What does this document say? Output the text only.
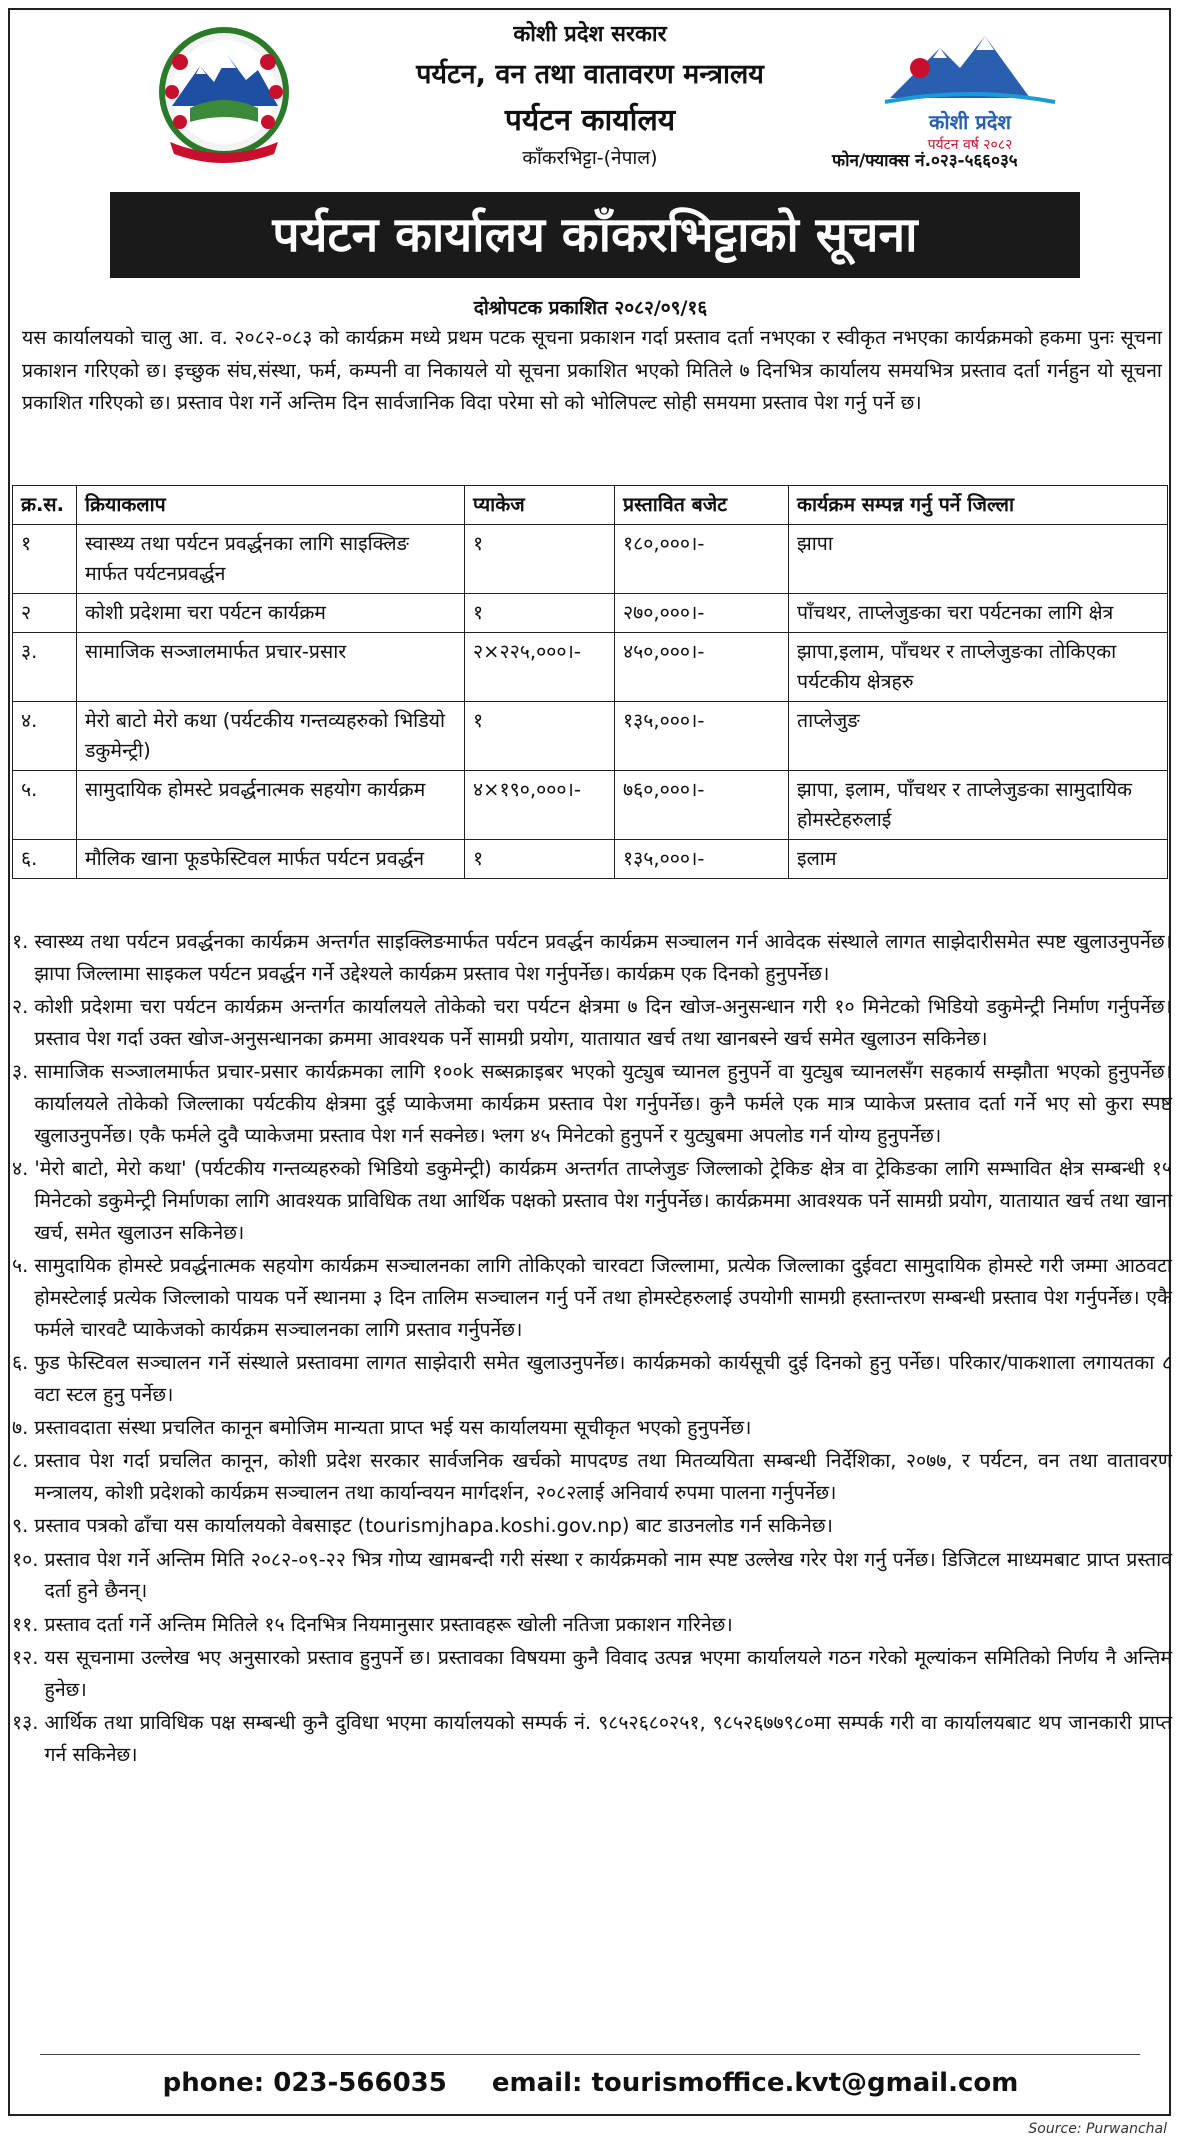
कोशी प्रदेश सरकार
पर्यटन, वन तथा वातावरण मन्त्रालय
पर्यटन कार्यालय
काँकरभिट्टा-(नेपाल)
कोशी प्रदेश
पर्यटन वर्ष २०८२
फोन/फ्याक्स नं.०२३-५६६०३५
पर्यटन कार्यालय काँकरभिट्टाको सूचना
दोश्रोपटक प्रकाशित २०८२/०९/१६
यस कार्यालयको चालु आ. व. २०८२-०८३ को कार्यक्रम मध्ये प्रथम पटक सूचना प्रकाशन गर्दा प्रस्ताव दर्ता नभएका र स्वीकृत नभएका कार्यक्रमको हकमा पुनः सूचना प्रकाशन गरिएको छ। इच्छुक संघ,संस्था, फर्म, कम्पनी वा निकायले यो सूचना प्रकाशित भएको मितिले ७ दिनभित्र कार्यालय समयभित्र प्रस्ताव दर्ता गर्नहुन यो सूचना प्रकाशित गरिएको छ। प्रस्ताव पेश गर्ने अन्तिम दिन सार्वजानिक विदा परेमा सो को भोलिपल्ट सोही समयमा प्रस्ताव पेश गर्नु पर्ने छ।
क्र.स.	क्रियाकलाप	प्याकेज	प्रस्तावित बजेट	कार्यक्रम सम्पन्न गर्नु पर्ने जिल्ला
१	स्वास्थ्य तथा पर्यटन प्रवर्द्धनका लागि साइक्लिङ मार्फत पर्यटनप्रवर्द्धन	१	१८०,०००।-	झापा
२	कोशी प्रदेशमा चरा पर्यटन कार्यक्रम	१	२७०,०००।-	पाँचथर, ताप्लेजुङका चरा पर्यटनका लागि क्षेत्र
३.	सामाजिक सञ्जालमार्फत प्रचार-प्रसार	२×२२५,०००।-	४५०,०००।-	झापा,इलाम, पाँचथर र ताप्लेजुङका तोकिएका पर्यटकीय क्षेत्रहरु
४.	मेरो बाटो मेरो कथा (पर्यटकीय गन्तव्यहरुको भिडियो डकुमेन्ट्री)	१	१३५,०००।-	ताप्लेजुङ
५.	सामुदायिक होमस्टे प्रवर्द्धनात्मक सहयोग कार्यक्रम	४×१९०,०००।-	७६०,०००।-	झापा, इलाम, पाँचथर र ताप्लेजुङका सामुदायिक होमस्टेहरुलाई
६.	मौलिक खाना फूडफेस्टिवल मार्फत पर्यटन प्रवर्द्धन	१	१३५,०००।-	इलाम
१. स्वास्थ्य तथा पर्यटन प्रवर्द्धनका कार्यक्रम अन्तर्गत साइक्लिङमार्फत पर्यटन प्रवर्द्धन कार्यक्रम सञ्चालन गर्न आवेदक संस्थाले लागत साझेदारीसमेत स्पष्ट खुलाउनुपर्नेछ। झापा जिल्लामा साइकल पर्यटन प्रवर्द्धन गर्ने उद्देश्यले कार्यक्रम प्रस्ताव पेश गर्नुपर्नेछ। कार्यक्रम एक दिनको हुनुपर्नेछ।
२. कोशी प्रदेशमा चरा पर्यटन कार्यक्रम अन्तर्गत कार्यालयले तोकेको चरा पर्यटन क्षेत्रमा ७ दिन खोज-अनुसन्धान गरी १० मिनेटको भिडियो डकुमेन्ट्री निर्माण गर्नुपर्नेछ। प्रस्ताव पेश गर्दा उक्त खोज-अनुसन्धानका क्रममा आवश्यक पर्ने सामग्री प्रयोग, यातायात खर्च तथा खानबस्ने खर्च समेत खुलाउन सकिनेछ।
३. सामाजिक सञ्जालमार्फत प्रचार-प्रसार कार्यक्रमका लागि १००k सब्सक्राइबर भएको युट्युब च्यानल हुनुपर्ने वा युट्युब च्यानलसँग सहकार्य सम्झौता भएको हुनुपर्नेछ। कार्यालयले तोकेको जिल्लाका पर्यटकीय क्षेत्रमा दुई प्याकेजमा कार्यक्रम प्रस्ताव पेश गर्नुपर्नेछ। कुनै फर्मले एक मात्र प्याकेज प्रस्ताव दर्ता गर्ने भए सो कुरा स्पष्ट खुलाउनुपर्नेछ। एकै फर्मले दुवै प्याकेजमा प्रस्ताव पेश गर्न सक्नेछ। भ्लग ४५ मिनेटको हुनुपर्ने र युट्युबमा अपलोड गर्न योग्य हुनुपर्नेछ।
४. 'मेरो बाटो, मेरो कथा' (पर्यटकीय गन्तव्यहरुको भिडियो डकुमेन्ट्री) कार्यक्रम अन्तर्गत ताप्लेजुङ जिल्लाको ट्रेकिङ क्षेत्र वा ट्रेकिङका लागि सम्भावित क्षेत्र सम्बन्धी १५ मिनेटको डकुमेन्ट्री निर्माणका लागि आवश्यक प्राविधिक तथा आर्थिक पक्षको प्रस्ताव पेश गर्नुपर्नेछ। कार्यक्रममा आवश्यक पर्ने सामग्री प्रयोग, यातायात खर्च तथा खाना खर्च, समेत खुलाउन सकिनेछ।
५. सामुदायिक होमस्टे प्रवर्द्धनात्मक सहयोग कार्यक्रम सञ्चालनका लागि तोकिएको चारवटा जिल्लामा, प्रत्येक जिल्लाका दुईवटा सामुदायिक होमस्टे गरी जम्मा आठवटा होमस्टेलाई प्रत्येक जिल्लाको पायक पर्ने स्थानमा ३ दिन तालिम सञ्चालन गर्नु पर्ने तथा होमस्टेहरुलाई उपयोगी सामग्री हस्तान्तरण सम्बन्धी प्रस्ताव पेश गर्नुपर्नेछ। एकै फर्मले चारवटै प्याकेजको कार्यक्रम सञ्चालनका लागि प्रस्ताव गर्नुपर्नेछ।
६. फुड फेस्टिवल सञ्चालन गर्ने संस्थाले प्रस्तावमा लागत साझेदारी समेत खुलाउनुपर्नेछ। कार्यक्रमको कार्यसूची दुई दिनको हुनु पर्नेछ। परिकार/पाकशाला लगायतका ८ वटा स्टल हुनु पर्नेछ।
७. प्रस्तावदाता संस्था प्रचलित कानून बमोजिम मान्यता प्राप्त भई यस कार्यालयमा सूचीकृत भएको हुनुपर्नेछ।
८. प्रस्ताव पेश गर्दा प्रचलित कानून, कोशी प्रदेश सरकार सार्वजनिक खर्चको मापदण्ड तथा मितव्ययिता सम्बन्धी निर्देशिका, २०७७, र पर्यटन, वन तथा वातावरण मन्त्रालय, कोशी प्रदेशको कार्यक्रम सञ्चालन तथा कार्यान्वयन मार्गदर्शन, २०८२लाई अनिवार्य रुपमा पालना गर्नुपर्नेछ।
९. प्रस्ताव पत्रको ढाँचा यस कार्यालयको वेबसाइट (tourismjhapa.koshi.gov.np) बाट डाउनलोड गर्न सकिनेछ।
१०. प्रस्ताव पेश गर्ने अन्तिम मिति २०८२-०९-२२ भित्र गोप्य खामबन्दी गरी संस्था र कार्यक्रमको नाम स्पष्ट उल्लेख गरेर पेश गर्नु पर्नेछ। डिजिटल माध्यमबाट प्राप्त प्रस्ताव दर्ता हुने छैनन्।
११. प्रस्ताव दर्ता गर्ने अन्तिम मितिले १५ दिनभित्र नियमानुसार प्रस्तावहरू खोली नतिजा प्रकाशन गरिनेछ।
१२. यस सूचनामा उल्लेख भए अनुसारको प्रस्ताव हुनुपर्ने छ। प्रस्तावका विषयमा कुनै विवाद उत्पन्न भएमा कार्यालयले गठन गरेको मूल्यांकन समितिको निर्णय नै अन्तिम हुनेछ।
१३. आर्थिक तथा प्राविधिक पक्ष सम्बन्धी कुनै दुविधा भएमा कार्यालयको सम्पर्क नं. ९८५२६८०२५१, ९८५२६७७९८०मा सम्पर्क गरी वा कार्यालयबाट थप जानकारी प्राप्त गर्न सकिनेछ।
phone: 023-566035 email: tourismoffice.kvt@gmail.com
Source: Purwanchal
